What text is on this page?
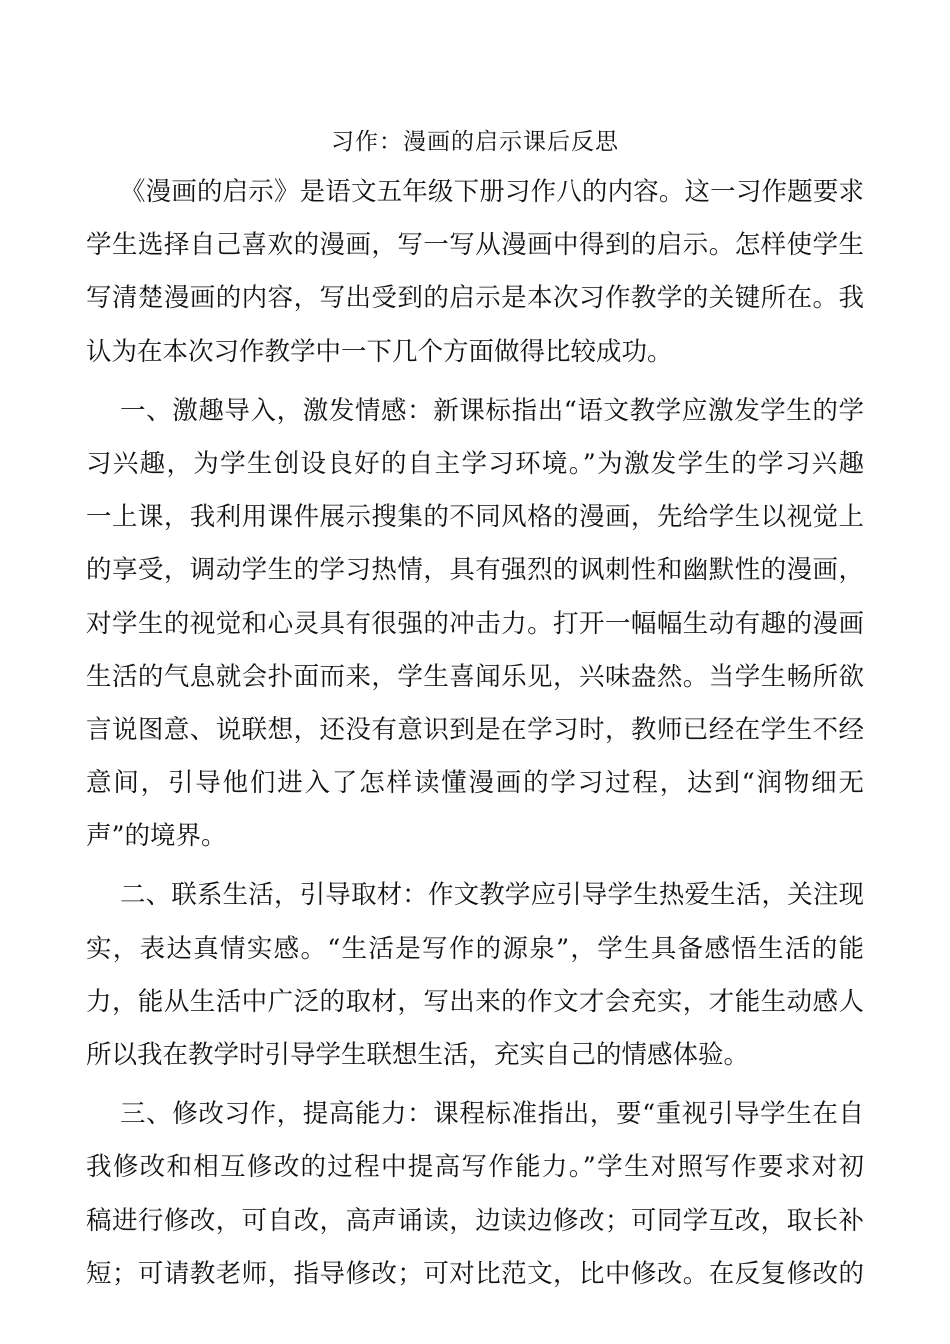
习作：漫画的启示课后反思
《漫画的启示》是语文五年级下册习作八的内容。这一习作题要求
学生选择自己喜欢的漫画，写一写从漫画中得到的启示。怎样使学生
写清楚漫画的内容，写出受到的启示是本次习作教学的关键所在。我
认为在本次习作教学中一下几个方面做得比较成功。
一、激趣导入，激发情感：新课标指出“语文教学应激发学生的学
习兴趣，为学生创设良好的自主学习环境。”为激发学生的学习兴趣
一上课，我利用课件展示搜集的不同风格的漫画，先给学生以视觉上
的享受，调动学生的学习热情，具有强烈的讽刺性和幽默性的漫画，
对学生的视觉和心灵具有很强的冲击力。打开一幅幅生动有趣的漫画
生活的气息就会扑面而来，学生喜闻乐见，兴味盎然。当学生畅所欲
言说图意、说联想，还没有意识到是在学习时，教师已经在学生不经
意间，引导他们进入了怎样读懂漫画的学习过程，达到“润物细无
声”的境界。
二、联系生活，引导取材：作文教学应引导学生热爱生活，关注现
实，表达真情实感。“生活是写作的源泉”，学生具备感悟生活的能
力，能从生活中广泛的取材，写出来的作文才会充实，才能生动感人
所以我在教学时引导学生联想生活，充实自己的情感体验。
三、修改习作，提高能力：课程标准指出，要“重视引导学生在自
我修改和相互修改的过程中提高写作能力。”学生对照写作要求对初
稿进行修改，可自改，高声诵读，边读边修改；可同学互改，取长补
短；可请教老师，指导修改；可对比范文，比中修改。在反复修改的
